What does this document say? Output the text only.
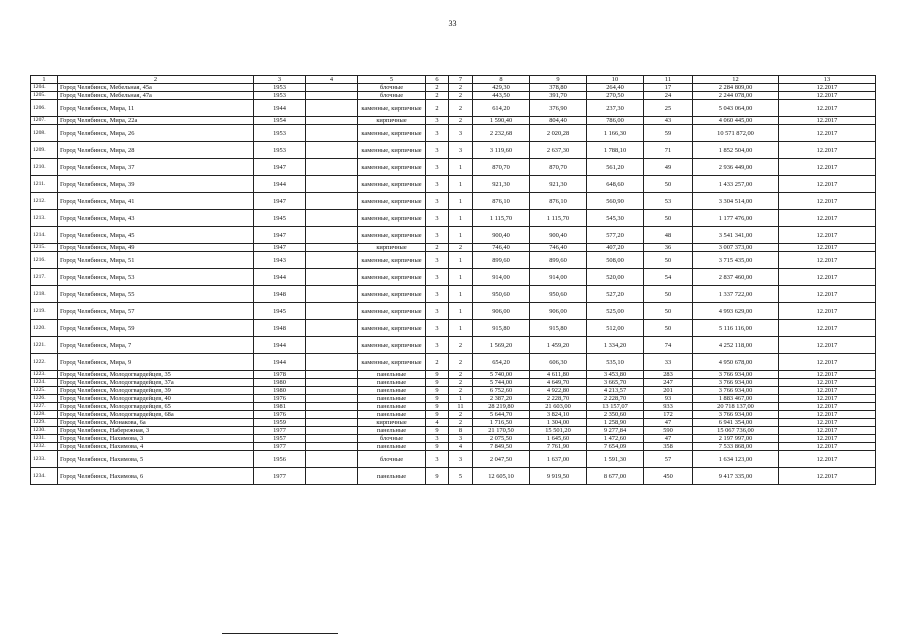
33
1	2	3	4	5	6	7	8	9	10	11	12	13
1204.	Город Челябинск, Мебельная, 45а	1953		блочные	2	2	429,30	378,80	264,40	17	2 284 809,00	12.2017
1205.	Город Челябинск, Мебельная, 47а	1953		блочные	2	2	443,50	391,70	270,50	24	2 244 078,00	12.2017
1206.	Город Челябинск, Мира, 11	1944		каменные, кирпичные	2	2	614,20	376,90	237,30	25	5 043 064,00	12.2017
1207.	Город Челябинск, Мира, 22а	1954		кирпичные	3	2	1 590,40	804,40	786,00	43	4 060 445,00	12.2017
1208.	Город Челябинск, Мира, 26	1953		каменные, кирпичные	3	3	2 232,68	2 020,28	1 166,30	59	10 571 872,00	12.2017
1209.	Город Челябинск, Мира, 28	1953		каменные, кирпичные	3	3	3 119,60	2 637,30	1 788,10	71	1 852 504,00	12.2017
1210.	Город Челябинск, Мира, 37	1947		каменные, кирпичные	3	1	870,70	870,70	561,20	49	2 936 449,00	12.2017
1211.	Город Челябинск, Мира, 39	1944		каменные, кирпичные	3	1	921,30	921,30	648,60	50	1 433 257,00	12.2017
1212.	Город Челябинск, Мира, 41	1947		каменные, кирпичные	3	1	876,10	876,10	560,90	53	3 304 514,00	12.2017
1213.	Город Челябинск, Мира, 43	1945		каменные, кирпичные	3	1	1 115,70	1 115,70	545,30	50	1 177 476,00	12.2017
1214.	Город Челябинск, Мира, 45	1947		каменные, кирпичные	3	1	900,40	900,40	577,20	48	3 541 341,00	12.2017
1215.	Город Челябинск, Мира, 49	1947		кирпичные	2	2	746,40	746,40	407,20	36	3 007 373,00	12.2017
1216.	Город Челябинск, Мира, 51	1943		каменные, кирпичные	3	1	899,60	899,60	508,00	50	3 715 435,00	12.2017
1217.	Город Челябинск, Мира, 53	1944		каменные, кирпичные	3	1	914,00	914,00	520,00	54	2 837 460,00	12.2017
1218.	Город Челябинск, Мира, 55	1948		каменные, кирпичные	3	1	950,60	950,60	527,20	50	1 337 722,00	12.2017
1219.	Город Челябинск, Мира, 57	1945		каменные, кирпичные	3	1	906,00	906,00	525,00	50	4 993 629,00	12.2017
1220.	Город Челябинск, Мира, 59	1948		каменные, кирпичные	3	1	915,80	915,80	512,00	50	5 116 116,00	12.2017
1221.	Город Челябинск, Мира, 7	1944		каменные, кирпичные	3	2	1 569,20	1 459,20	1 334,20	74	4 252 118,00	12.2017
1222.	Город Челябинск, Мира, 9	1944		каменные, кирпичные	2	2	654,20	606,30	535,10	33	4 950 678,00	12.2017
1223.	Город Челябинск, Молодогвардейцев, 35	1978		панельные	9	2	5 740,00	4 611,80	3 453,80	283	3 766 934,00	12.2017
1224.	Город Челябинск, Молодогвардейцев, 37а	1980		панельные	9	2	5 744,00	4 649,70	3 665,70	247	3 766 934,00	12.2017
1225.	Город Челябинск, Молодогвардейцев, 39	1980		панельные	9	2	6 752,60	4 922,80	4 213,57	201	3 766 934,00	12.2017
1226.	Город Челябинск, Молодогвардейцев, 40	1976		панельные	9	1	2 387,20	2 228,70	2 228,70	93	1 883 467,00	12.2017
1227.	Город Челябинск, Молодогвардейцев, 65	1981		панельные	9	11	28 219,80	21 603,00	13 157,07	933	20 718 137,00	12.2017
1228.	Город Челябинск, Молодогвардейцев, 68а	1976		панельные	9	2	5 644,70	3 824,10	2 350,60	172	3 766 934,00	12.2017
1229.	Город Челябинск, Монакова, 6а	1959		кирпичные	4	2	1 716,50	1 304,00	1 258,90	47	6 941 354,00	12.2017
1230.	Город Челябинск, Набережная, 3	1977		панельные	9	8	21 170,50	15 501,20	9 277,84	590	15 067 736,00	12.2017
1231.	Город Челябинск, Нахимова, 3	1957		блочные	3	3	2 075,50	1 645,60	1 472,60	47	2 197 997,00	12.2017
1232.	Город Челябинск, Нахимова, 4	1977		панельные	9	4	7 849,50	7 761,90	7 654,09	358	7 533 868,00	12.2017
1233.	Город Челябинск, Нахимова, 5	1956		блочные	3	3	2 047,50	1 637,00	1 591,30	57	1 634 123,00	12.2017
1234.	Город Челябинск, Нахимова, 6	1977		панельные	9	5	12 605,10	9 919,50	8 677,00	450	9 417 335,00	12.2017
